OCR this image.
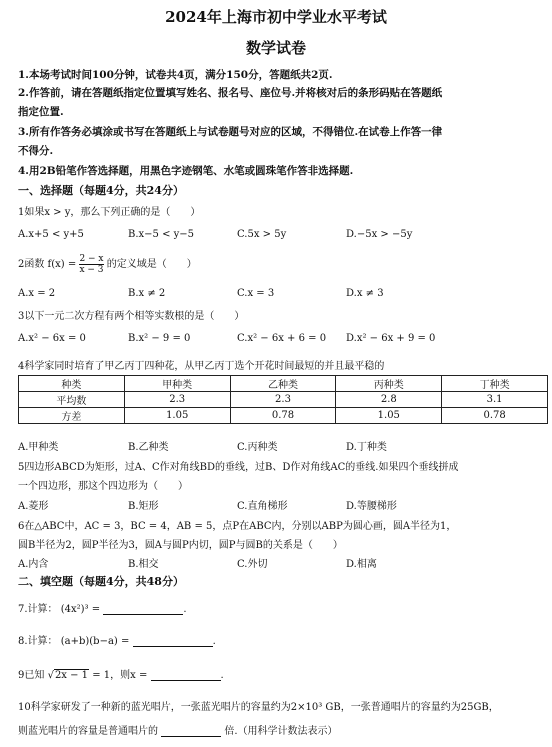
2024年上海市初中学业水平考试
数学试卷
1.本场考试时间100分钟，试卷共4页，满分150分，答题纸共2页.
2.作答前，请在答题纸指定位置填写姓名、报名号、座位号.并将核对后的条形码贴在答题纸
指定位置.
3.所有作答务必填涂或书写在答题纸上与试卷题号对应的区域，不得错位.在试卷上作答一律
不得分.
4.用2B铅笔作答选择题，用黑色字迹钢笔、水笔或圆珠笔作答非选择题.
一、选择题（每题4分，共24分）
1如果x > y，那么下列正确的是（　　）
A.x+5 < y+5	B.x−5 < y−5	C.5x > 5y	D.−5x > −5y
2函数 $f(x) = \frac{2 - x}{x - 3}$ 的定义域是（　　）
A.x = 2	B.x ≠ 2	C.x = 3	D.x ≠ 3
3以下一元二次方程有两个相等实数根的是（　　）
A.x² − 6x = 0	B.x² − 9 = 0	C.x² − 6x + 6 = 0 D.x² − 6x + 9 = 0
4科学家同时培育了甲乙丙丁四种花，从甲乙丙丁选个开花时间最短的并且最平稳的
种类	甲种类	乙种类	丙种类	丁种类
平均数	2.3	2.3	2.8	3.1
方差	1.05	0.78	1.05	0.78
A.甲种类	B.乙种类	C.丙种类	D.丁种类
5四边形ABCD为矩形，过A、C作对角线BD的垂线，过B、D作对角线AC的垂线.如果四个垂线拼成
一个四边形，那这个四边形为（　　）
A.菱形	B.矩形	C.直角梯形	D.等腰梯形
6在△ABC中，AC = 3，BC = 4，AB = 5，点P在ABC内，分别以ABP为圆心画，圆A半径为1，
圆B半径为2，圆P半径为3，圆A与圆P内切，圆P与圆B的关系是（　　）
A.内含	B.相交	C.外切	D.相离
二、填空题（每题4分，共48分）
7.计算： (4x²)³ =	.
8.计算： (a+b)(b−a) =	.
9已知 √2x − 1 = 1，则x =	.
10科学家研发了一种新的蓝光唱片，一张蓝光唱片的容量约为2×10³ GB，一张普通唱片的容量约为25GB，
则蓝光唱片的容量是普通唱片的	倍.（用科学计数法表示）
